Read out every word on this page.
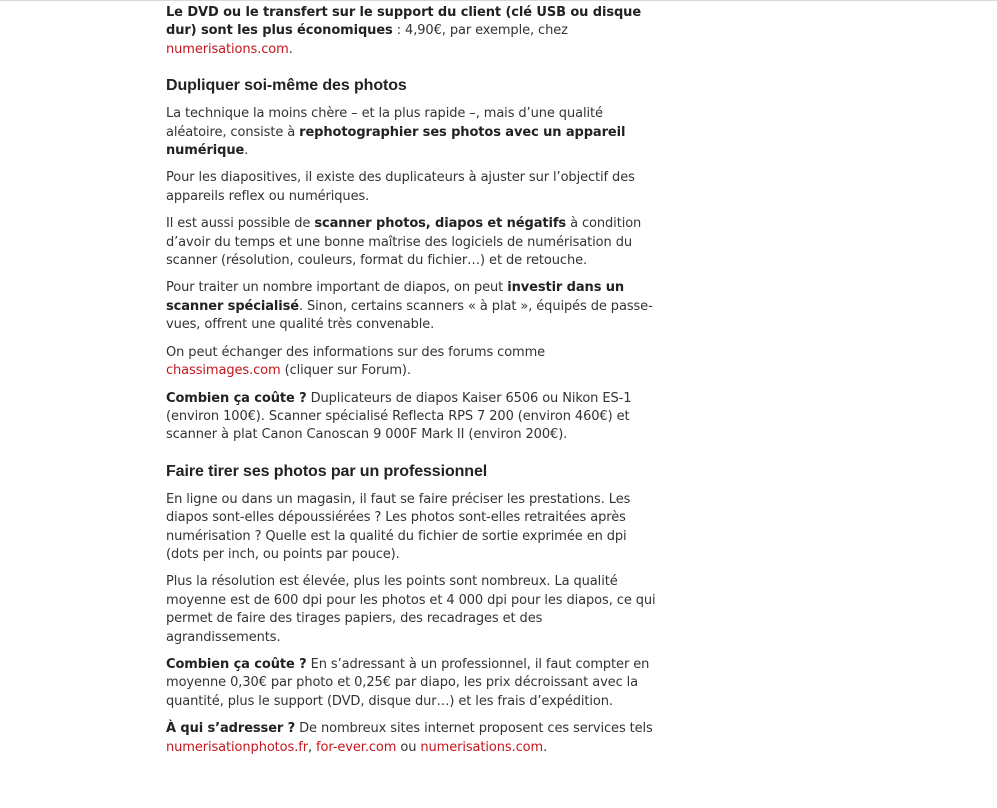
Le DVD ou le transfert sur le support du client (clé USB ou disque dur) sont les plus économiques : 4,90€, par exemple, chez numerisations.com.

Dupliquer soi-même des photos

La technique la moins chère – et la plus rapide –, mais d’une qualité aléatoire, consiste à rephotographier ses photos avec un appareil numérique.

Pour les diapositives, il existe des duplicateurs à ajuster sur l’objectif des appareils reflex ou numériques.

Il est aussi possible de scanner photos, diapos et négatifs à condition d’avoir du temps et une bonne maîtrise des logiciels de numérisation du scanner (résolution, couleurs, format du fichier…) et de retouche.

Pour traiter un nombre important de diapos, on peut investir dans un scanner spécialisé. Sinon, certains scanners « à plat », équipés de passe-vues, offrent une qualité très convenable.

On peut échanger des informations sur des forums comme chassimages.com (cliquer sur Forum).

Combien ça coûte ? Duplicateurs de diapos Kaiser 6506 ou Nikon ES-1 (environ 100€). Scanner spécialisé Reflecta RPS 7 200 (environ 460€) et scanner à plat Canon Canoscan 9 000F Mark II (environ 200€).

Faire tirer ses photos par un professionnel

En ligne ou dans un magasin, il faut se faire préciser les prestations. Les diapos sont-elles dépoussiérées ? Les photos sont-elles retraitées après numérisation ? Quelle est la qualité du fichier de sortie exprimée en dpi (dots per inch, ou points par pouce).

Plus la résolution est élevée, plus les points sont nombreux. La qualité moyenne est de 600 dpi pour les photos et 4 000 dpi pour les diapos, ce qui permet de faire des tirages papiers, des recadrages et des agrandissements.

Combien ça coûte ? En s’adressant à un professionnel, il faut compter en moyenne 0,30€ par photo et 0,25€ par diapo, les prix décroissant avec la quantité, plus le support (DVD, disque dur…) et les frais d’expédition.

À qui s’adresser ? De nombreux sites internet proposent ces services tels numerisationphotos.fr, for-ever.com ou numerisations.com.
